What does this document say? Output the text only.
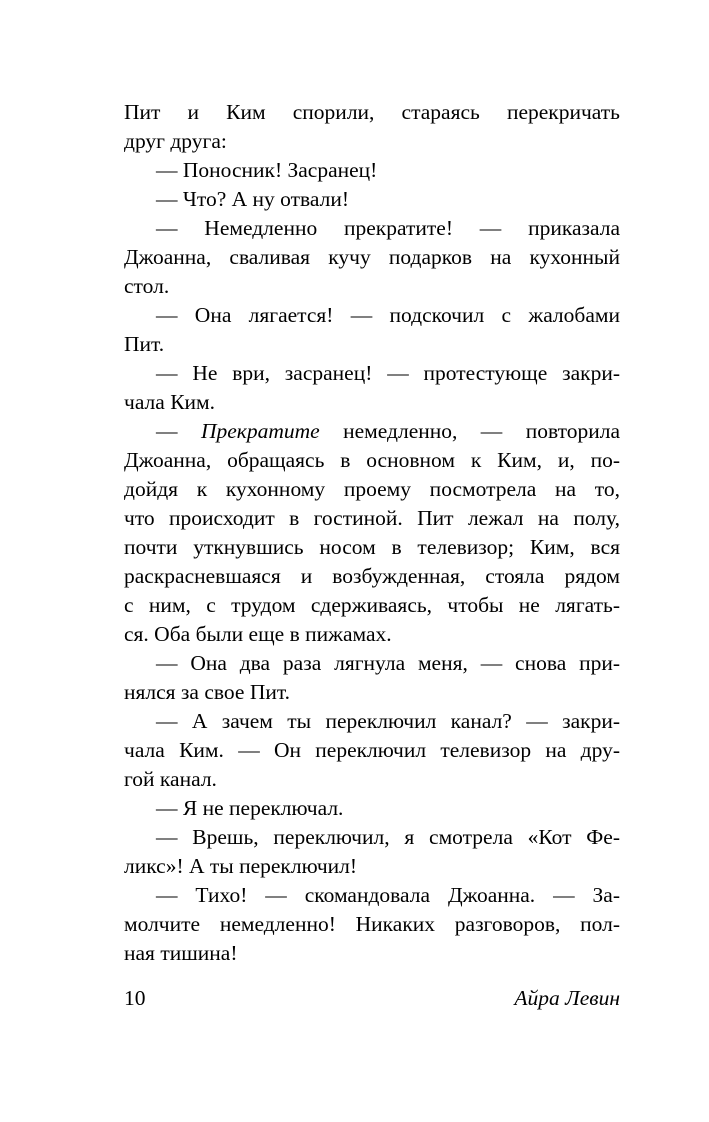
Пит и Ким спорили, стараясь перекричать
друг друга:
— Поносник! Засранец!
— Что? А ну отвали!
— Немедленно прекратите! — приказала
Джоанна, сваливая кучу подарков на кухонный
стол.
— Она лягается! — подскочил с жалобами
Пит.
— Не ври, засранец! — протестующе закри-
чала Ким.
— Прекратите немедленно, — повторила
Джоанна, обращаясь в основном к Ким, и, по-
дойдя к кухонному проему посмотрела на то,
что происходит в гостиной. Пит лежал на полу,
почти уткнувшись носом в телевизор; Ким, вся
раскрасневшаяся и возбужденная, стояла рядом
с ним, с трудом сдерживаясь, чтобы не лягать-
ся. Оба были еще в пижамах.
— Она два раза лягнула меня, — снова при-
нялся за свое Пит.
— А зачем ты переключил канал? — закри-
чала Ким. — Он переключил телевизор на дру-
гой канал.
— Я не переключал.
— Врешь, переключил, я смотрела «Кот Фе-
ликс»! А ты переключил!
— Тихо! — скомандовала Джоанна. — За-
молчите немедленно! Никаких разговоров, пол-
ная тишина!
10	Айра Левин
